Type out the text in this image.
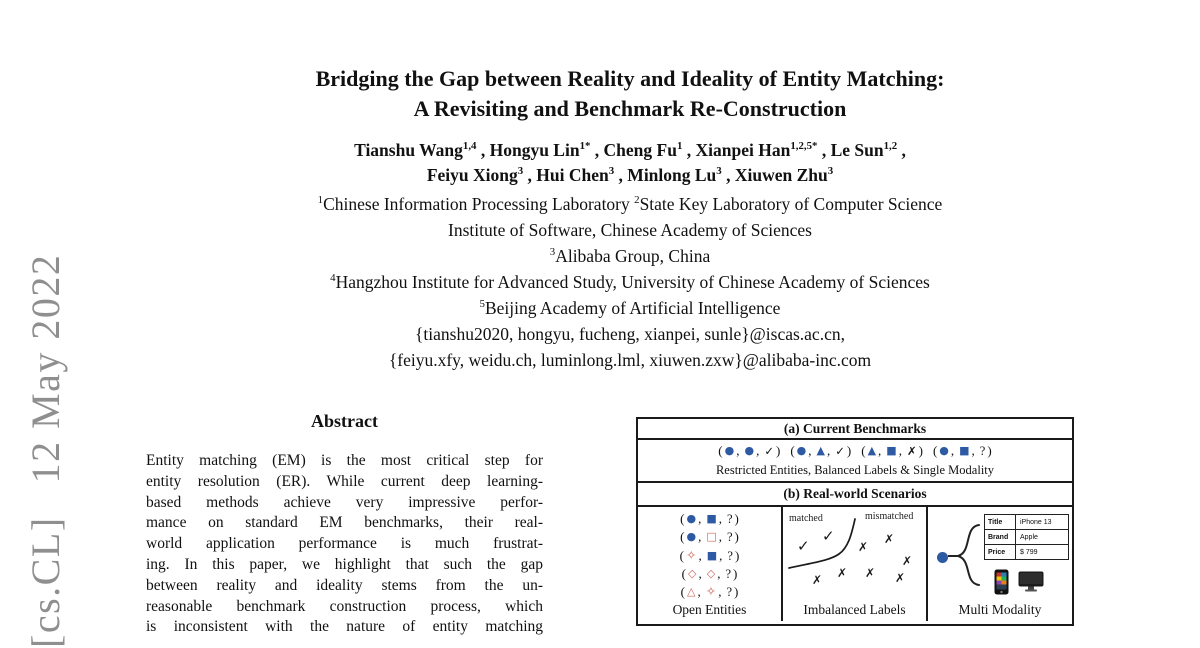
[cs.CL]  12 May 2022
Bridging the Gap between Reality and Ideality of Entity Matching:
A Revisiting and Benchmark Re-Construction
Tianshu Wang$^{1,4}$ , Hongyu Lin$^{1*}$ , Cheng Fu$^1$ , Xianpei Han$^{1,2,5*}$ , Le Sun$^{1,2}$ ,
Feiyu Xiong$^3$ , Hui Chen$^3$ , Minlong Lu$^3$ , Xiuwen Zhu$^3$
$^1$Chinese Information Processing Laboratory $^2$State Key Laboratory of Computer Science
Institute of Software, Chinese Academy of Sciences
$^3$Alibaba Group, China
$^4$Hangzhou Institute for Advanced Study, University of Chinese Academy of Sciences
$^5$Beijing Academy of Artificial Intelligence
{tianshu2020, hongyu, fucheng, xianpei, sunle}@iscas.ac.cn,
{feiyu.xfy, weidu.ch, luminlong.lml, xiuwen.zxw}@alibaba-inc.com
Abstract
Entity matching (EM) is the most critical step for
entity resolution (ER). While current deep learning-
based methods achieve very impressive perfor-
mance on standard EM benchmarks, their real-
world application performance is much frustrat-
ing. In this paper, we highlight that such the gap
between reality and ideality stems from the un-
reasonable benchmark construction process, which
is inconsistent with the nature of entity matching
(a) Current Benchmarks
( ● , ● , ✓ ) ( ● , ▲ , ✓ ) ( ▲ , ■ , ✗ ) ( ● , ■ , ? )
Restricted Entities, Balanced Labels & Single Modality
(b) Real-world Scenarios
( ● , ■ , ? )
( ● , □ , ? )
( ✧ , ■ , ? )
( ◇ , ◇ , ? )
( △ , ✧ , ? )
Open Entities
matched	mismatched
✓
✓
✗
✗
✗
✗ ✗ ✗ ✗
Imbalanced Labels
Title	iPhone 13
Brand	Apple
Price	$ 799
Multi Modality
